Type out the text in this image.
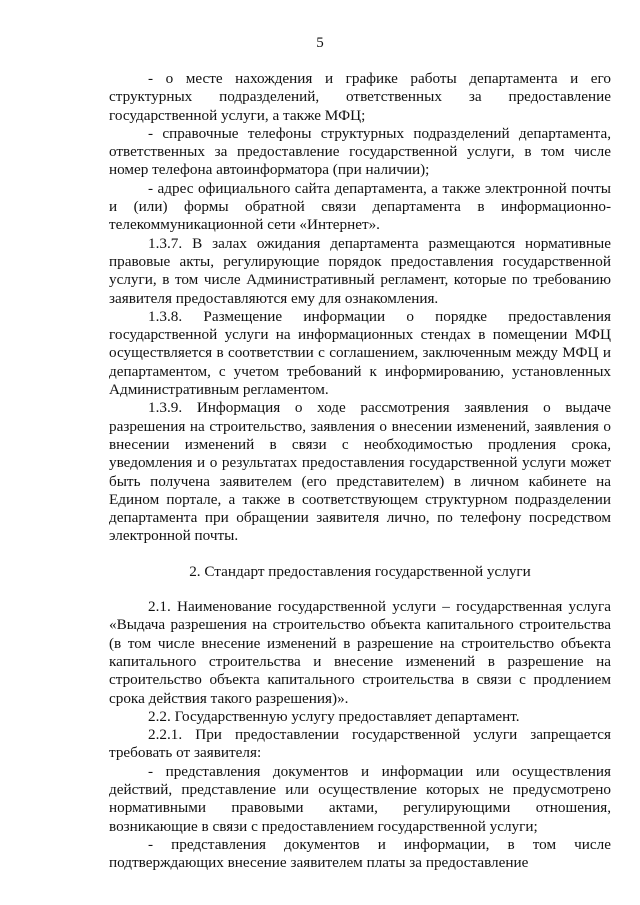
5

- о месте нахождения и графике работы департамента и его структурных подразделений, ответственных за предоставление государственной услуги, а также МФЦ;

- справочные телефоны структурных подразделений департамента, ответственных за предоставление государственной услуги, в том числе номер телефона автоинформатора (при наличии);

- адрес официального сайта департамента, а также электронной почты и (или) формы обратной связи департамента в информационно-телекоммуникационной сети «Интернет».

1.3.7. В залах ожидания департамента размещаются нормативные правовые акты, регулирующие порядок предоставления государственной услуги, в том числе Административный регламент, которые по требованию заявителя предоставляются ему для ознакомления.

1.3.8. Размещение информации о порядке предоставления государственной услуги на информационных стендах в помещении МФЦ осуществляется в соответствии с соглашением, заключенным между МФЦ и департаментом, с учетом требований к информированию, установленных Административным регламентом.

1.3.9. Информация о ходе рассмотрения заявления о выдаче разрешения на строительство, заявления о внесении изменений, заявления о внесении изменений в связи с необходимостью продления срока, уведомления и о результатах предоставления государственной услуги может быть получена заявителем (его представителем) в личном кабинете на Едином портале, а также в соответствующем структурном подразделении департамента при обращении заявителя лично, по телефону посредством электронной почты.

2. Стандарт предоставления государственной услуги

2.1. Наименование государственной услуги – государственная услуга «Выдача разрешения на строительство объекта капитального строительства (в том числе внесение изменений в разрешение на строительство объекта капитального строительства и внесение изменений в разрешение на строительство объекта капитального строительства в связи с продлением срока действия такого разрешения)».

2.2. Государственную услугу предоставляет департамент.

2.2.1. При предоставлении государственной услуги запрещается требовать от заявителя:

- представления документов и информации или осуществления действий, представление или осуществление которых не предусмотрено нормативными правовыми актами, регулирующими отношения, возникающие в связи с предоставлением государственной услуги;

- представления документов и информации, в том числе подтверждающих внесение заявителем платы за предоставление
